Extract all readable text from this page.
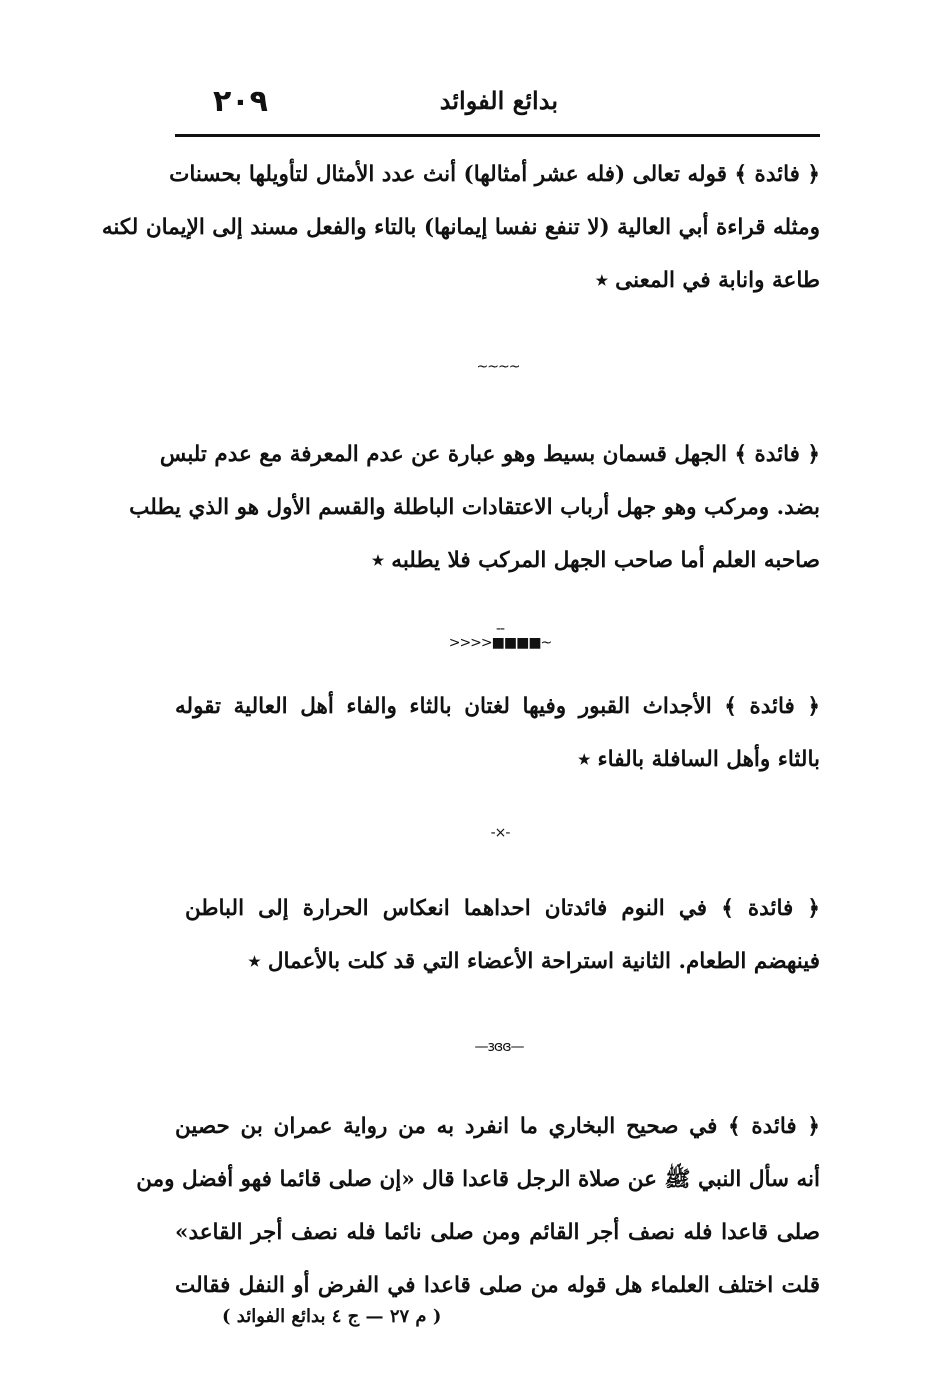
٢٠٩	بدائع الفوائد
﴿ فائدة ﴾ قوله تعالى (فله عشر أمثالها) أنث عدد الأمثال لتأويلها بحسنات
ومثله قراءة أبي العالية (لا تنفع نفسا إيمانها) بالتاء والفعل مسند إلى الإيمان لكنه
طاعة وانابة في المعنى ٭
~~~~
﴿ فائدة ﴾ الجهل قسمان بسيط وهو عبارة عن عدم المعرفة مع عدم تلبس
بضد. ومركب وهو جهل أرباب الاعتقادات الباطلة والقسم الأول هو الذي يطلب
صاحبه العلم أما صاحب الجهل المركب فلا يطلبه ٭
-->>>>■■■■~
﴿ فائدة ﴾ الأجداث القبور وفيها لغتان بالثاء والفاء أهل العالية تقوله
بالثاء وأهل السافلة بالفاء ٭
-×-
﴿ فائدة ﴾ في النوم فائدتان احداهما انعكاس الحرارة إلى الباطن
فينهضم الطعام. الثانية استراحة الأعضاء التي قد كلت بالأعمال ٭
—ɜɞɞ—
﴿ فائدة ﴾ في صحيح البخاري ما انفرد به من رواية عمران بن حصين
أنه سأل النبي ﷺ عن صلاة الرجل قاعدا قال «إن صلى قائما فهو أفضل ومن
صلى قاعدا فله نصف أجر القائم ومن صلى نائما فله نصف أجر القاعد»
قلت اختلف العلماء هل قوله من صلى قاعدا في الفرض أو النفل فقالت
( م ٢٧ — ج ٤ بدائع الفوائد )
